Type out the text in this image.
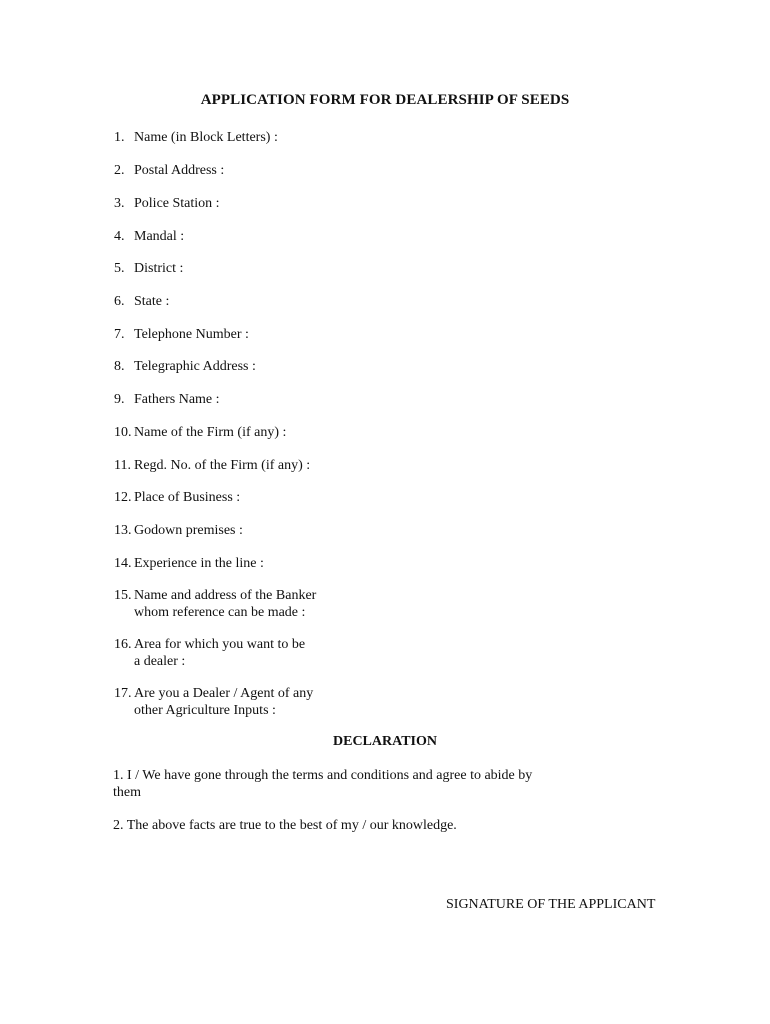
APPLICATION FORM FOR DEALERSHIP OF SEEDS
1. Name (in Block Letters) :
2. Postal Address :
3. Police Station :
4. Mandal :
5. District :
6. State :
7. Telephone Number :
8. Telegraphic Address :
9. Fathers Name :
10. Name of the Firm (if any) :
11. Regd. No. of the Firm (if any) :
12. Place of Business :
13. Godown premises :
14. Experience in the line :
15. Name and address of the Banker
whom reference can be made :
16. Area for which you want to be
a dealer :
17. Are you a Dealer / Agent of any
other Agriculture Inputs :
DECLARATION
1. I / We have gone through the terms and conditions and agree to abide by them
2. The above facts are true to the best of my / our knowledge.
SIGNATURE OF THE APPLICANT
